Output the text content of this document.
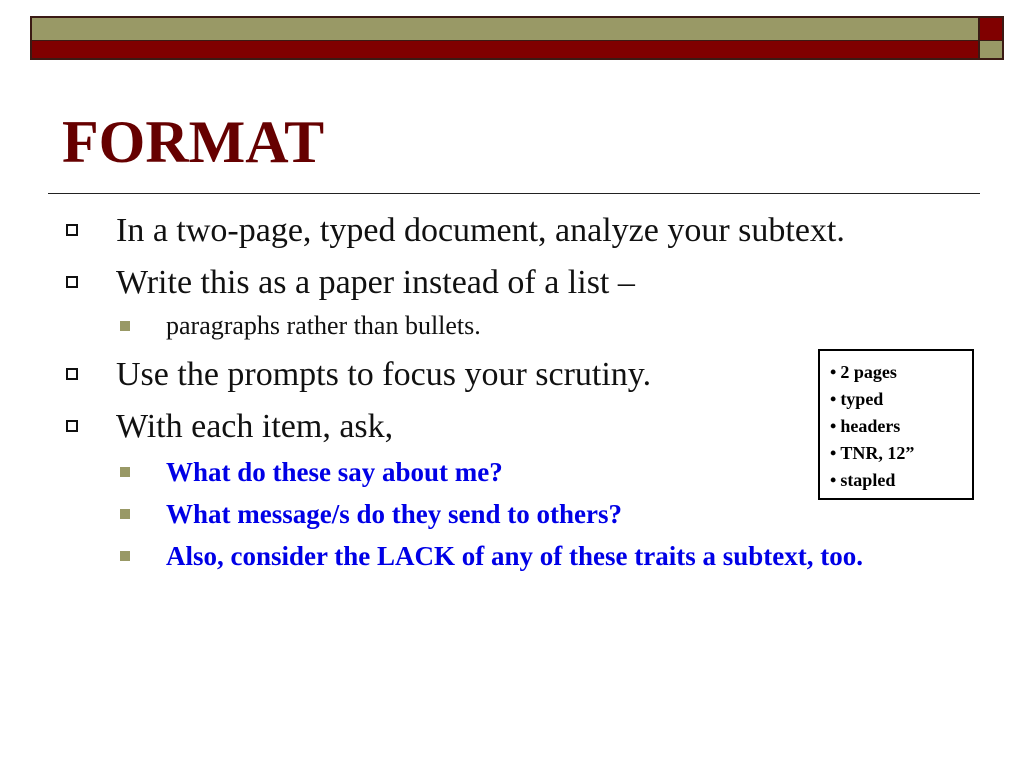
FORMAT
In a two-page, typed document, analyze your subtext.
Write this as a paper instead of a list –
paragraphs rather than bullets.
Use the prompts to focus your scrutiny.
With each item, ask,
What do these say about me?
What message/s do they send to others?
Also, consider the LACK of any of these traits a subtext, too.
• 2 pages
• typed
• headers
• TNR, 12”
• stapled
